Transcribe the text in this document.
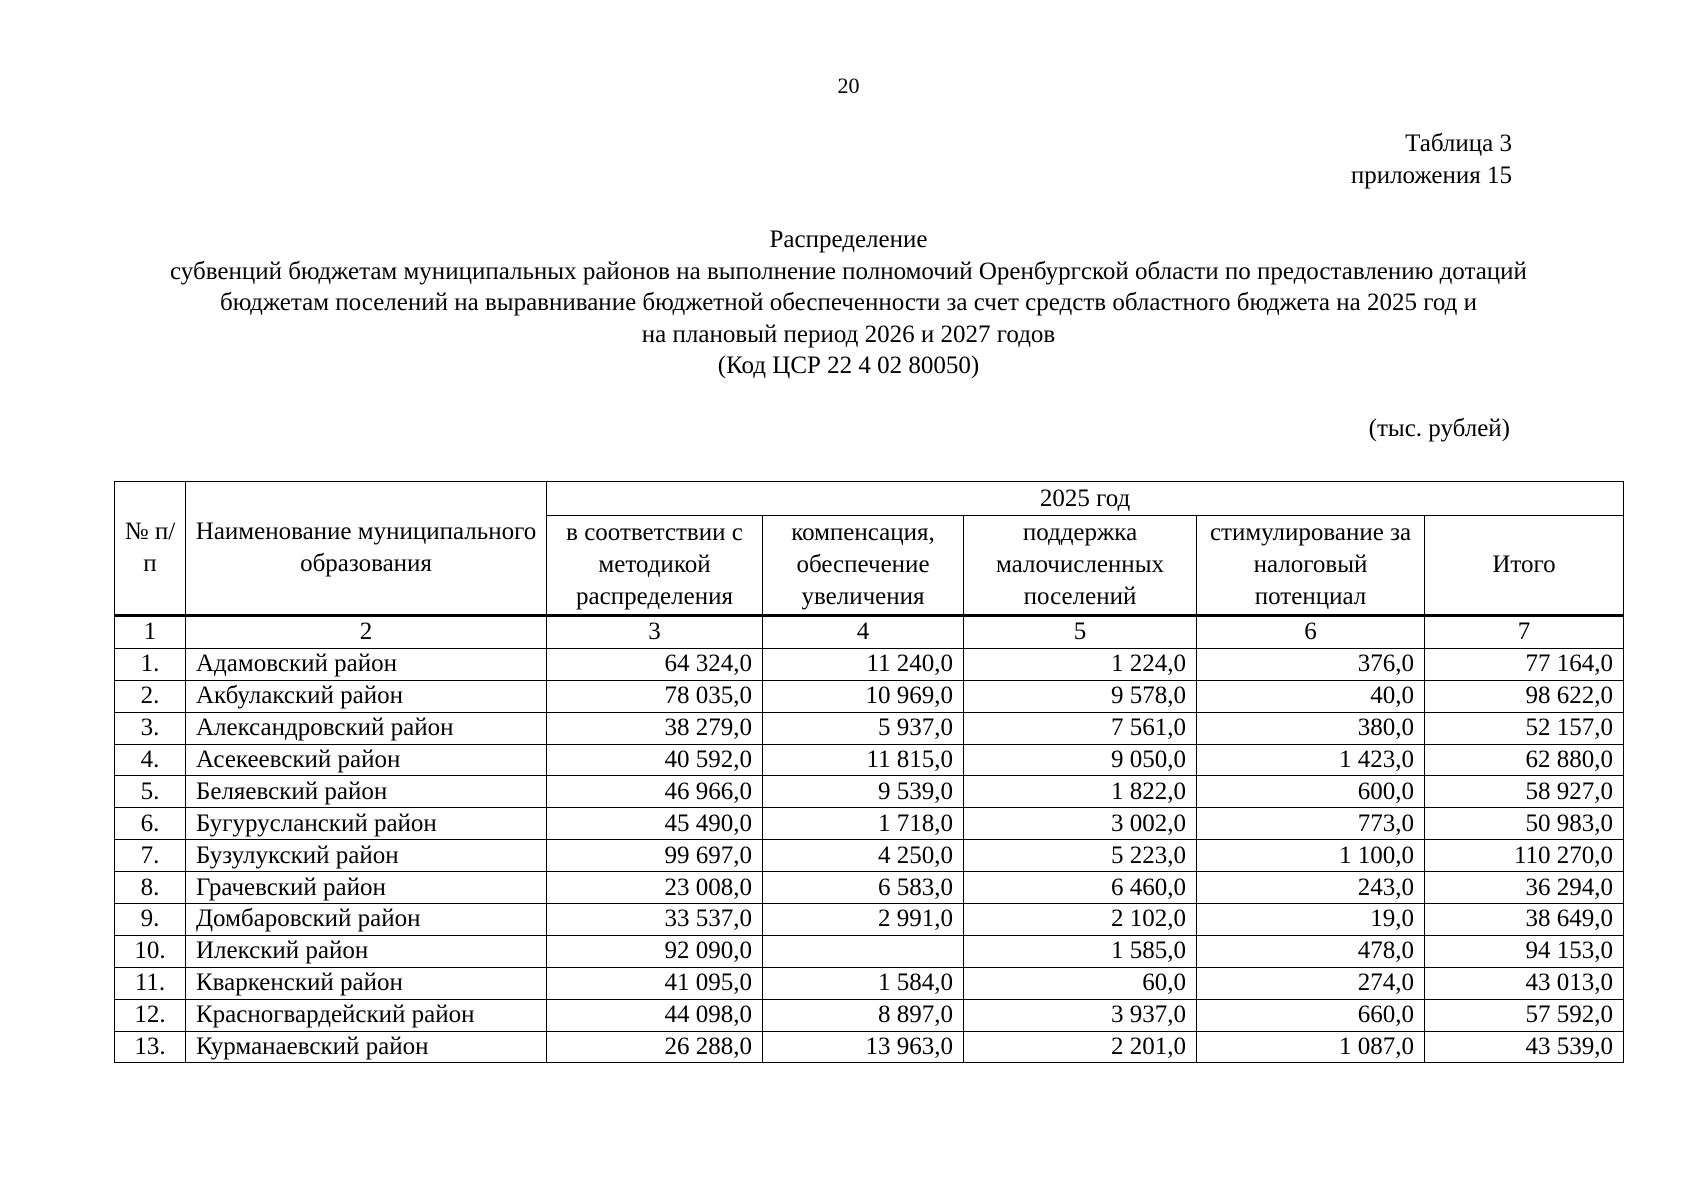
20
Таблица 3
приложения 15
Распределение
субвенций бюджетам муниципальных районов на выполнение полномочий Оренбургской области по предоставлению дотаций
бюджетам поселений на выравнивание бюджетной обеспеченности за счет средств областного бюджета на 2025 год и
на плановый период 2026 и 2027 годов
(Код ЦСР 22 4 02 80050)
(тыс. рублей)
№ п/п	Наименование муниципального образования	2025 год				
		в соответствии с методикой распределения	компенсация, обеспечение увеличения	поддержка малочисленных поселений	стимулирование за налоговый потенциал	Итого
1	2	3	4	5	6	7
1.	Адамовский район	64 324,0	11 240,0	1 224,0	376,0	77 164,0
2.	Акбулакский район	78 035,0	10 969,0	9 578,0	40,0	98 622,0
3.	Александровский район	38 279,0	5 937,0	7 561,0	380,0	52 157,0
4.	Асекеевский район	40 592,0	11 815,0	9 050,0	1 423,0	62 880,0
5.	Беляевский район	46 966,0	9 539,0	1 822,0	600,0	58 927,0
6.	Бугурусланский район	45 490,0	1 718,0	3 002,0	773,0	50 983,0
7.	Бузулукский район	99 697,0	4 250,0	5 223,0	1 100,0	110 270,0
8.	Грачевский район	23 008,0	6 583,0	6 460,0	243,0	36 294,0
9.	Домбаровский район	33 537,0	2 991,0	2 102,0	19,0	38 649,0
10.	Илекский район	92 090,0		1 585,0	478,0	94 153,0
11.	Кваркенский район	41 095,0	1 584,0	60,0	274,0	43 013,0
12.	Красногвардейский район	44 098,0	8 897,0	3 937,0	660,0	57 592,0
13.	Курманаевский район	26 288,0	13 963,0	2 201,0	1 087,0	43 539,0
